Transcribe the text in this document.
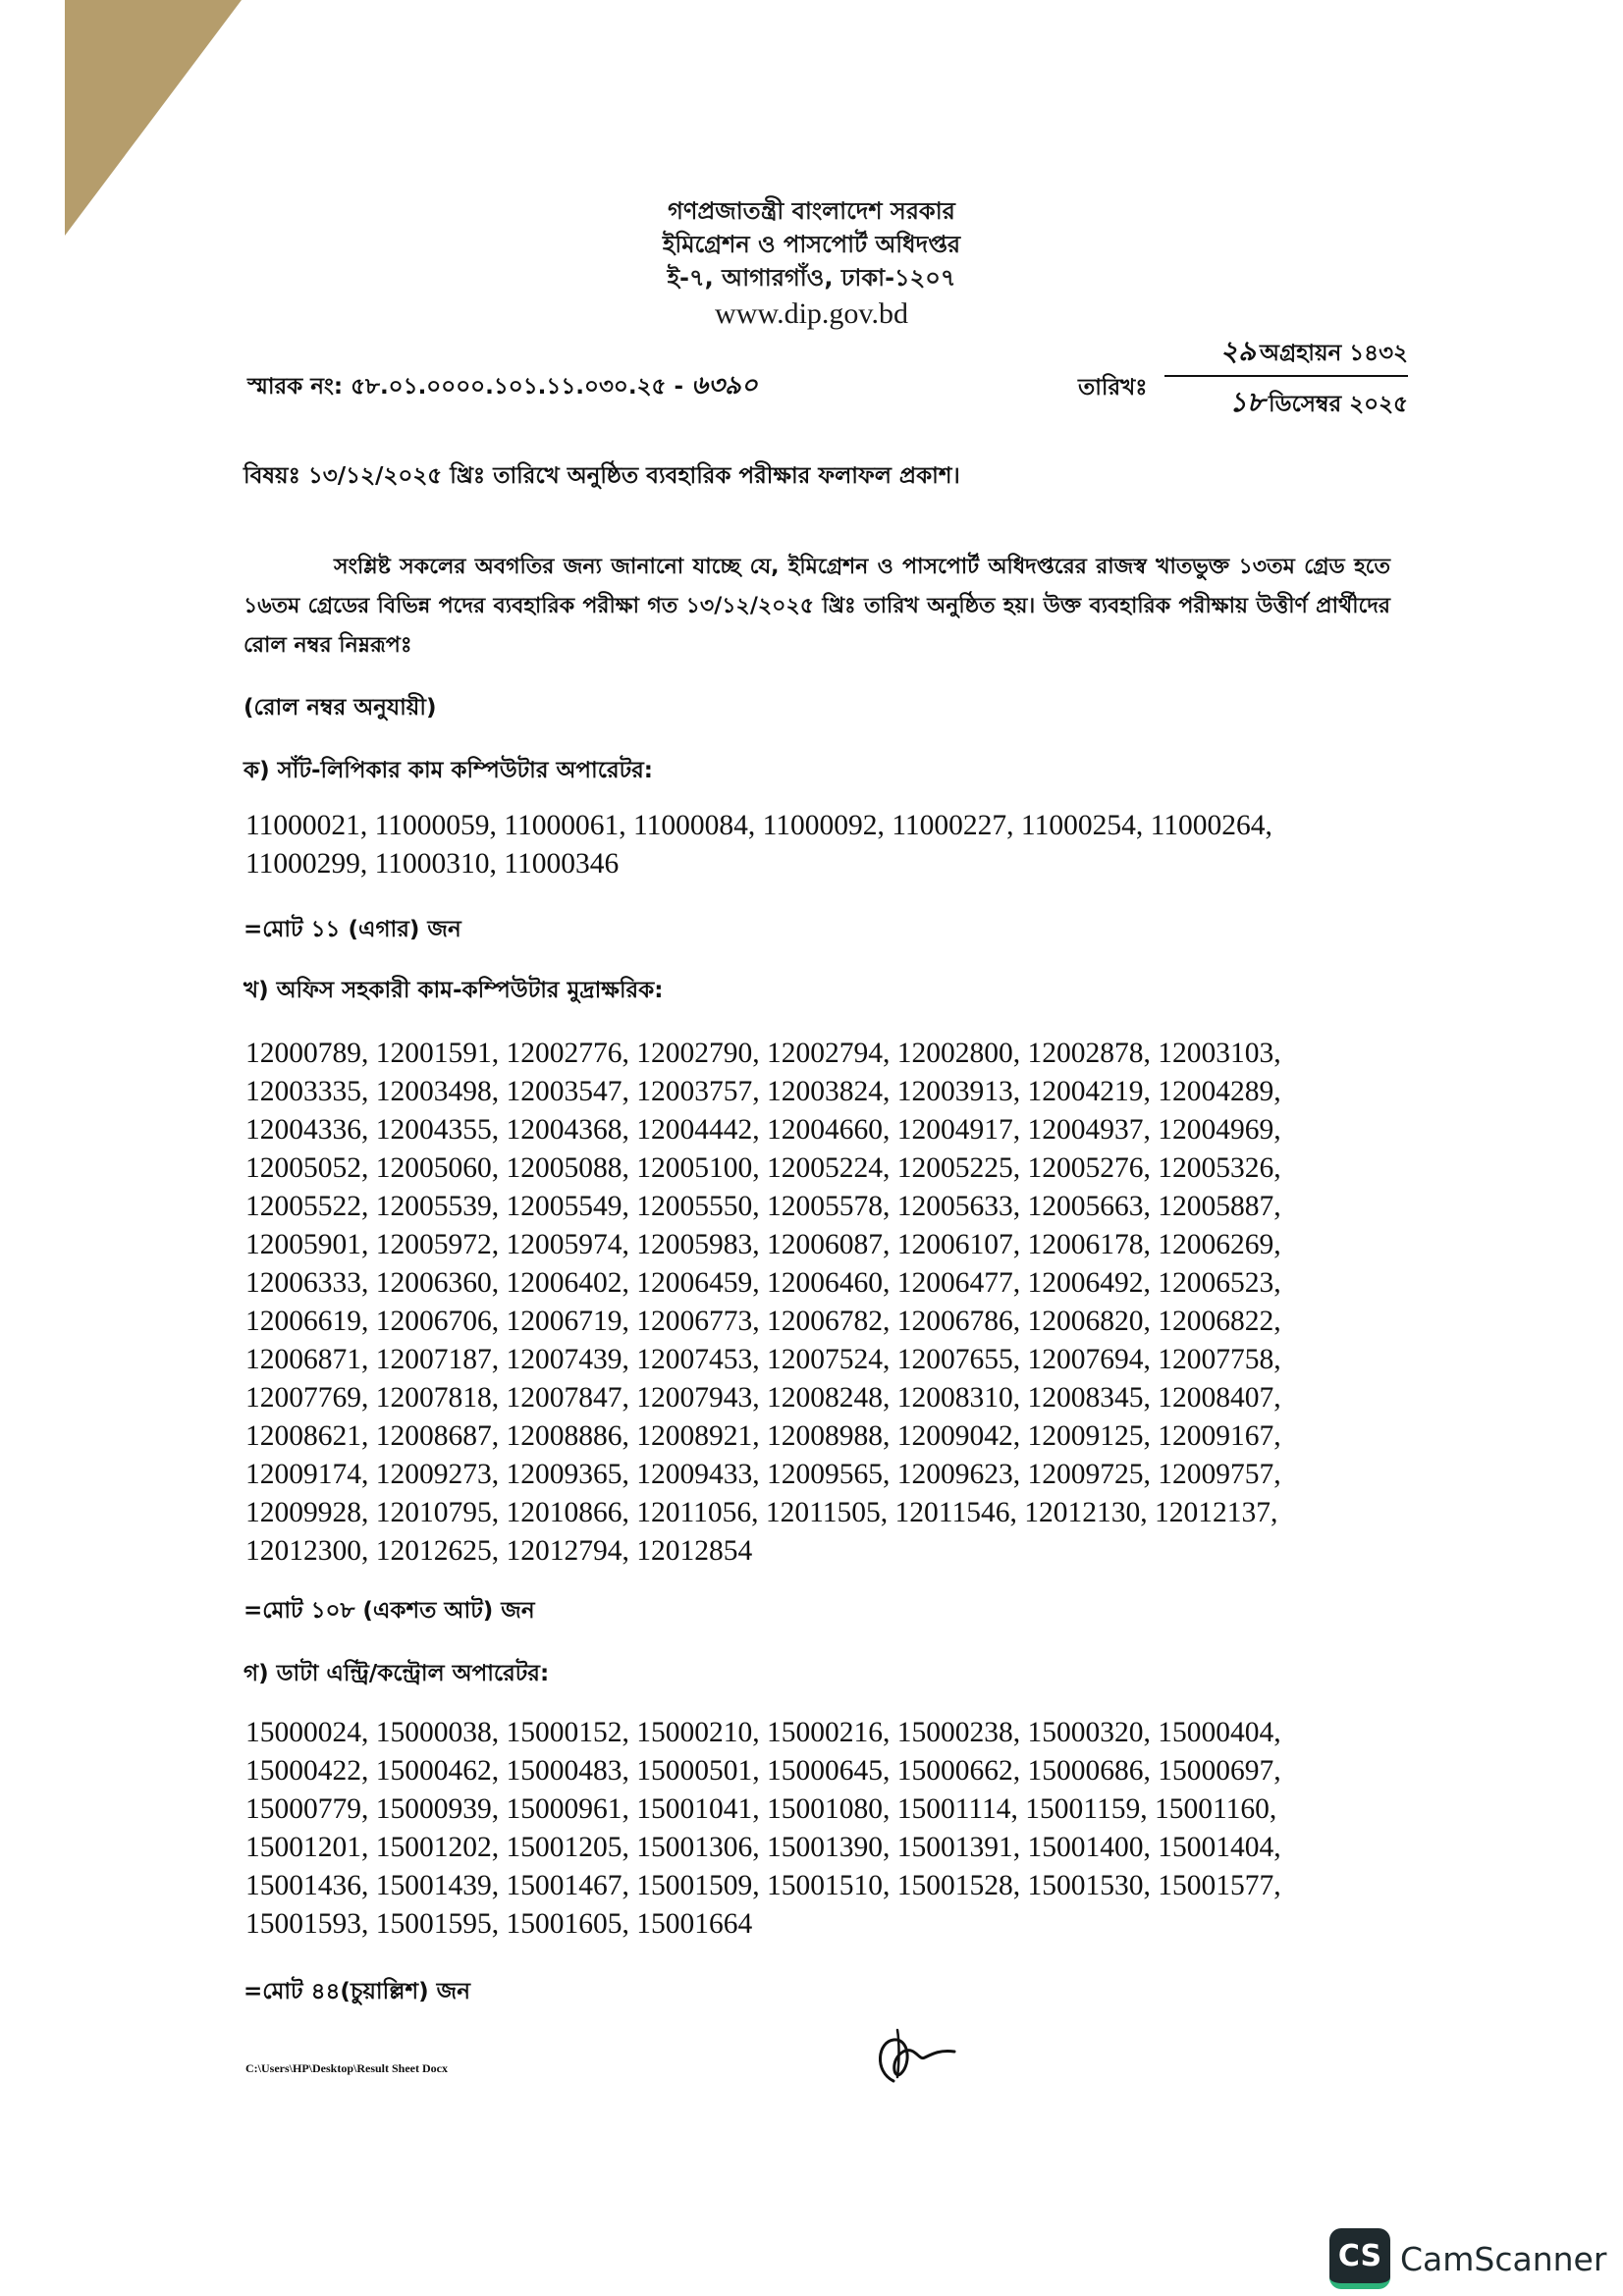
গণপ্রজাতন্ত্রী বাংলাদেশ সরকার
ইমিগ্রেশন ও পাসপোর্ট অধিদপ্তর
ই-৭, আগারগাঁও, ঢাকা-১২০৭
www.dip.gov.bd
স্মারক নং: ৫৮.০১.০০০০.১০১.১১.০৩০.২৫ - ৬৩৯০	তারিখঃ
২৯ অগ্রহায়ন ১৪৩২
১৮ ডিসেম্বর ২০২৫
বিষয়ঃ ১৩/১২/২০২৫ খ্রিঃ তারিখে অনুষ্ঠিত ব্যবহারিক পরীক্ষার ফলাফল প্রকাশ।
সংশ্লিষ্ট সকলের অবগতির জন্য জানানো যাচ্ছে যে, ইমিগ্রেশন ও পাসপোর্ট অধিদপ্তরের রাজস্ব খাতভুক্ত ১৩তম গ্রেড হতে ১৬তম গ্রেডের বিভিন্ন পদের ব্যবহারিক পরীক্ষা গত ১৩/১২/২০২৫ খ্রিঃ তারিখ অনুষ্ঠিত হয়। উক্ত ব্যবহারিক পরীক্ষায় উত্তীর্ণ প্রার্থীদের রোল নম্বর নিম্নরূপঃ
(রোল নম্বর অনুযায়ী)
ক) সাঁট-লিপিকার কাম কম্পিউটার অপারেটর:
11000021, 11000059, 11000061, 11000084, 11000092, 11000227, 11000254, 11000264, 11000299, 11000310, 11000346
=মোট ১১ (এগার) জন
খ) অফিস সহকারী কাম-কম্পিউটার মুদ্রাক্ষরিক:
12000789, 12001591, 12002776, 12002790, 12002794, 12002800, 12002878, 12003103, 12003335, 12003498, 12003547, 12003757, 12003824, 12003913, 12004219, 12004289, 12004336, 12004355, 12004368, 12004442, 12004660, 12004917, 12004937, 12004969, 12005052, 12005060, 12005088, 12005100, 12005224, 12005225, 12005276, 12005326, 12005522, 12005539, 12005549, 12005550, 12005578, 12005633, 12005663, 12005887, 12005901, 12005972, 12005974, 12005983, 12006087, 12006107, 12006178, 12006269, 12006333, 12006360, 12006402, 12006459, 12006460, 12006477, 12006492, 12006523, 12006619, 12006706, 12006719, 12006773, 12006782, 12006786, 12006820, 12006822, 12006871, 12007187, 12007439, 12007453, 12007524, 12007655, 12007694, 12007758, 12007769, 12007818, 12007847, 12007943, 12008248, 12008310, 12008345, 12008407, 12008621, 12008687, 12008886, 12008921, 12008988, 12009042, 12009125, 12009167, 12009174, 12009273, 12009365, 12009433, 12009565, 12009623, 12009725, 12009757, 12009928, 12010795, 12010866, 12011056, 12011505, 12011546, 12012130, 12012137, 12012300, 12012625, 12012794, 12012854
=মোট ১০৮ (একশত আট) জন
গ) ডাটা এন্ট্রি/কন্ট্রোল অপারেটর:
15000024, 15000038, 15000152, 15000210, 15000216, 15000238, 15000320, 15000404, 15000422, 15000462, 15000483, 15000501, 15000645, 15000662, 15000686, 15000697, 15000779, 15000939, 15000961, 15001041, 15001080, 15001114, 15001159, 15001160, 15001201, 15001202, 15001205, 15001306, 15001390, 15001391, 15001400, 15001404, 15001436, 15001439, 15001467, 15001509, 15001510, 15001528, 15001530, 15001577, 15001593, 15001595, 15001605, 15001664
=মোট ৪৪(চুয়াল্লিশ) জন
C:\Users\HP\Desktop\Result Sheet Docx
CS CamScanner
